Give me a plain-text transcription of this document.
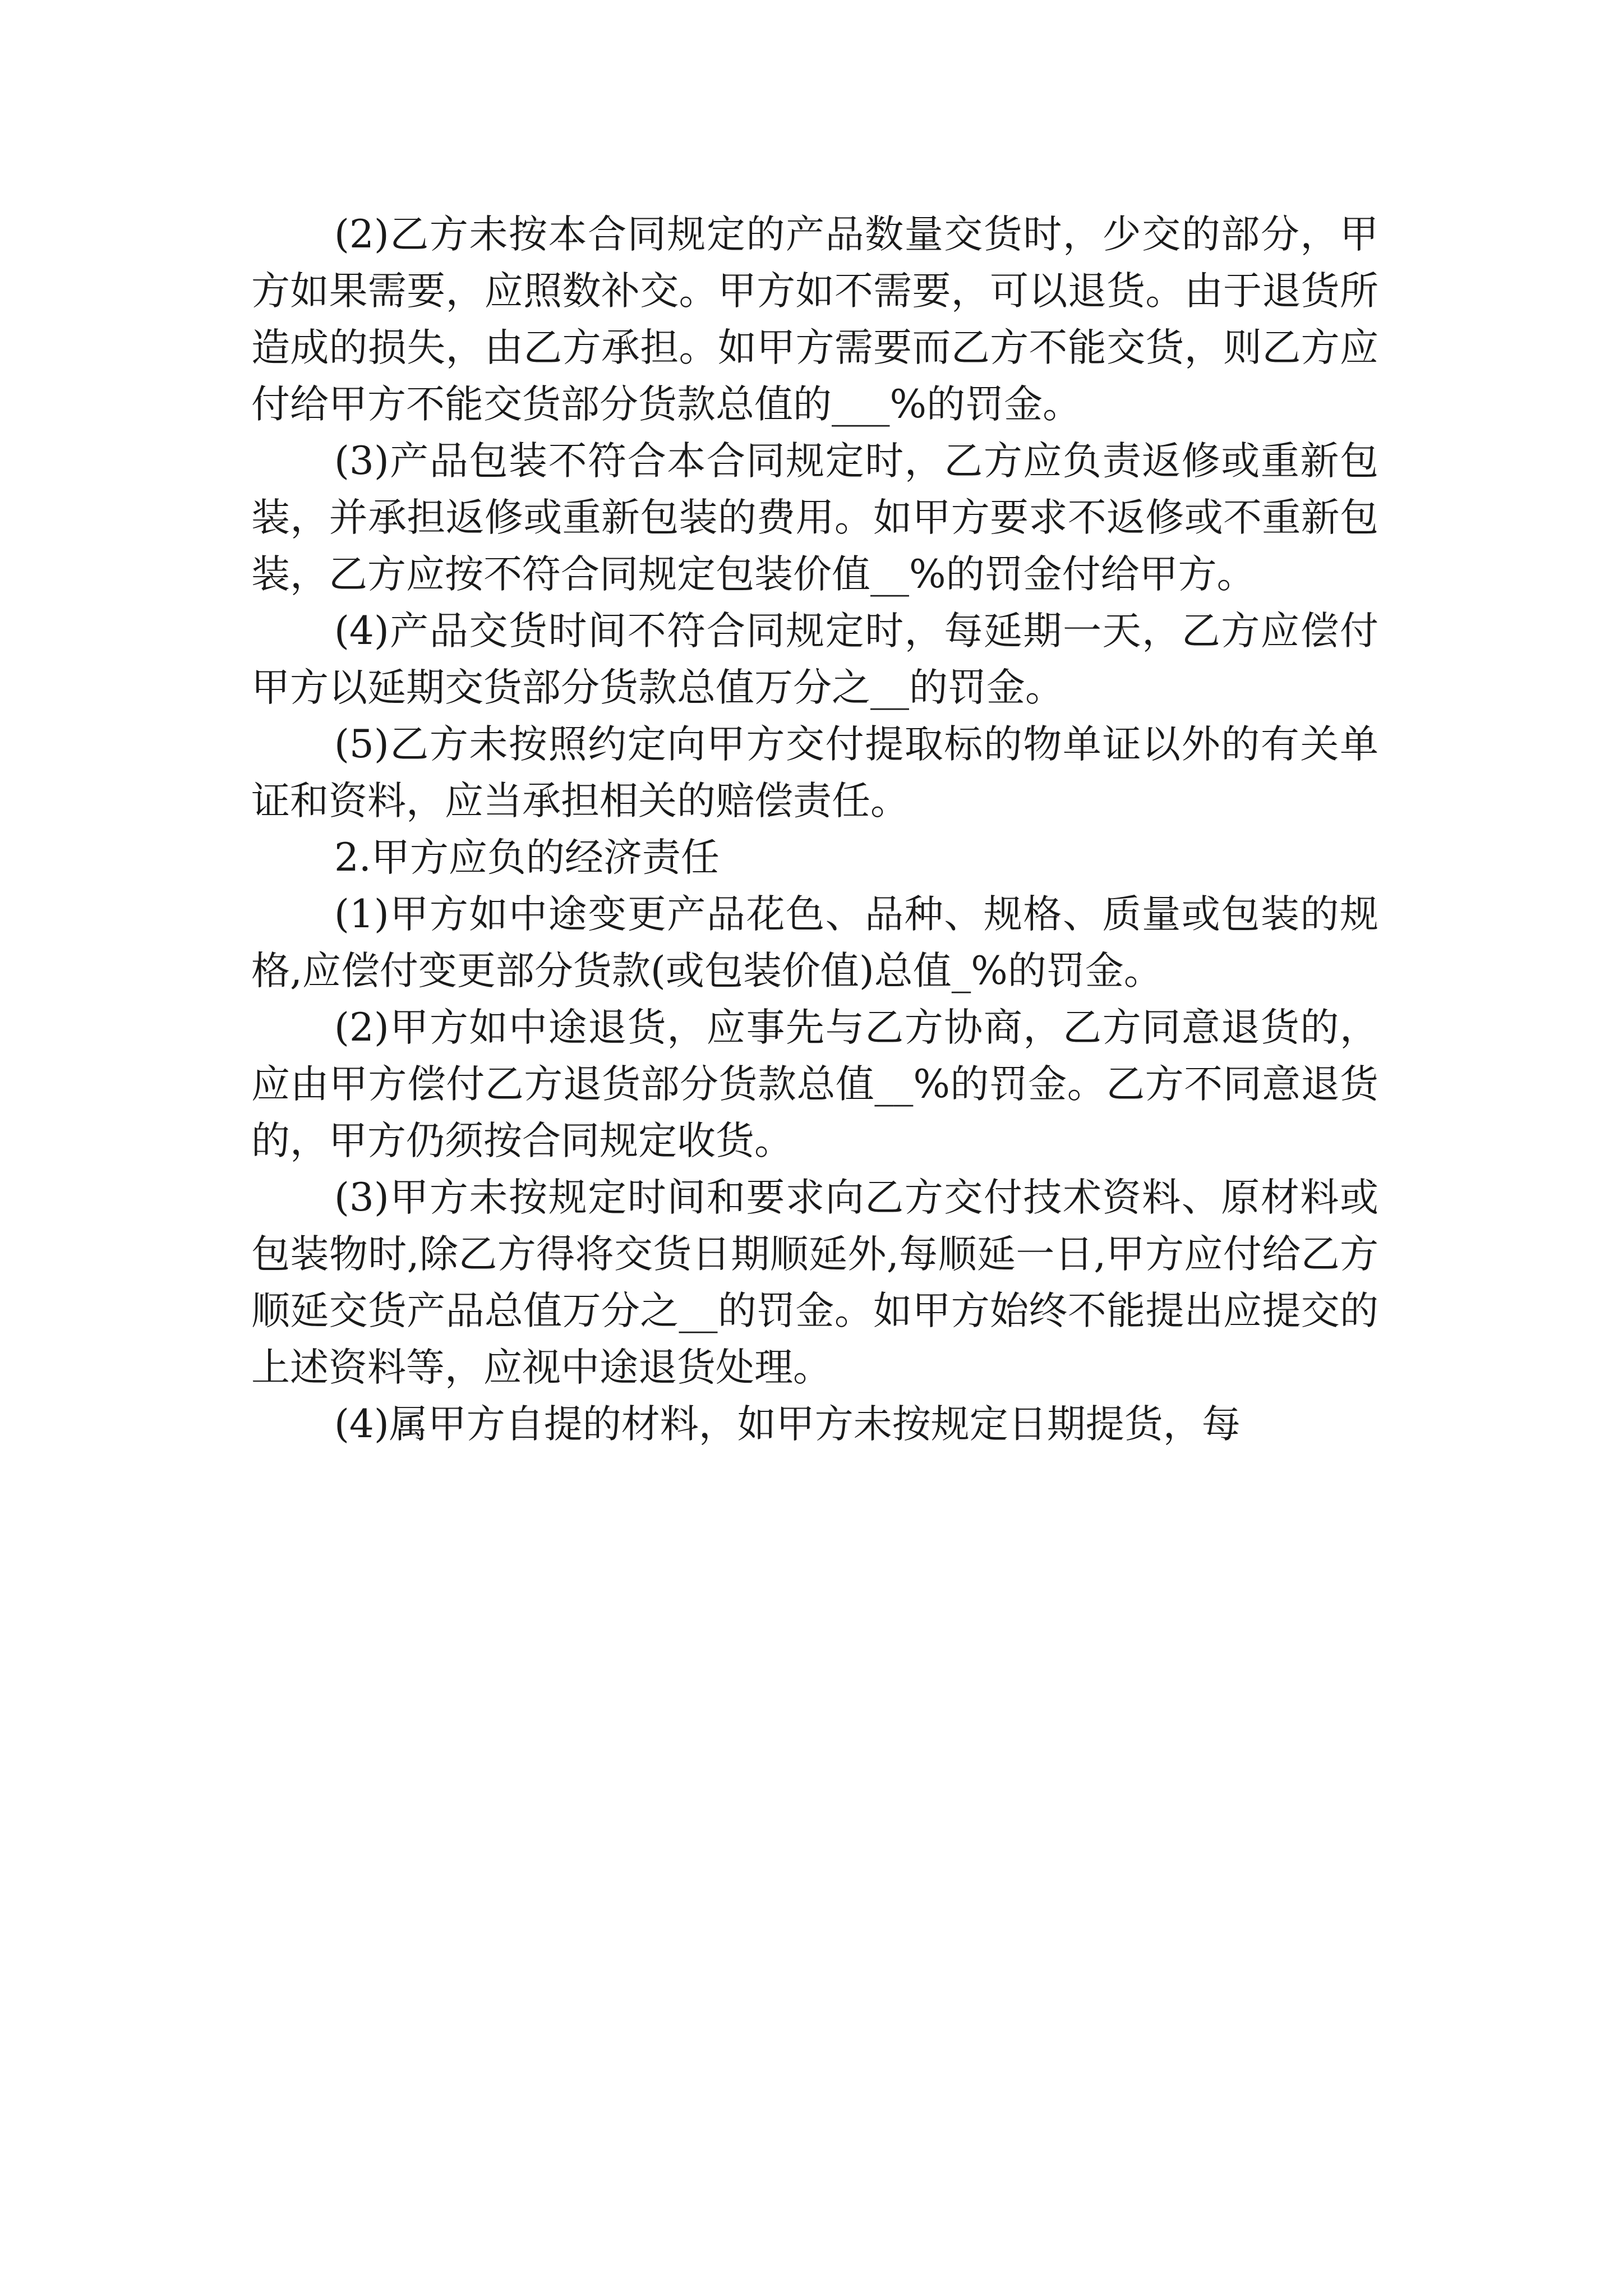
(2)乙方未按本合同规定的产品数量交货时，少交的部分，甲方如果需要，应照数补交。甲方如不需要，可以退货。由于退货所造成的损失，由乙方承担。如甲方需要而乙方不能交货，则乙方应付给甲方不能交货部分货款总值的___%的罚金。

(3)产品包装不符合本合同规定时，乙方应负责返修或重新包装，并承担返修或重新包装的费用。如甲方要求不返修或不重新包装，乙方应按不符合同规定包装价值__%的罚金付给甲方。

(4)产品交货时间不符合同规定时，每延期一天，乙方应偿付甲方以延期交货部分货款总值万分之__的罚金。

(5)乙方未按照约定向甲方交付提取标的物单证以外的有关单证和资料，应当承担相关的赔偿责任。

2.甲方应负的经济责任

(1)甲方如中途变更产品花色、品种、规格、质量或包装的规格,应偿付变更部分货款(或包装价值)总值_%的罚金。

(2)甲方如中途退货，应事先与乙方协商，乙方同意退货的，应由甲方偿付乙方退货部分货款总值__%的罚金。乙方不同意退货的，甲方仍须按合同规定收货。

(3)甲方未按规定时间和要求向乙方交付技术资料、原材料或包装物时,除乙方得将交货日期顺延外,每顺延一日,甲方应付给乙方顺延交货产品总值万分之__的罚金。如甲方始终不能提出应提交的上述资料等，应视中途退货处理。

(4)属甲方自提的材料，如甲方未按规定日期提货，每
